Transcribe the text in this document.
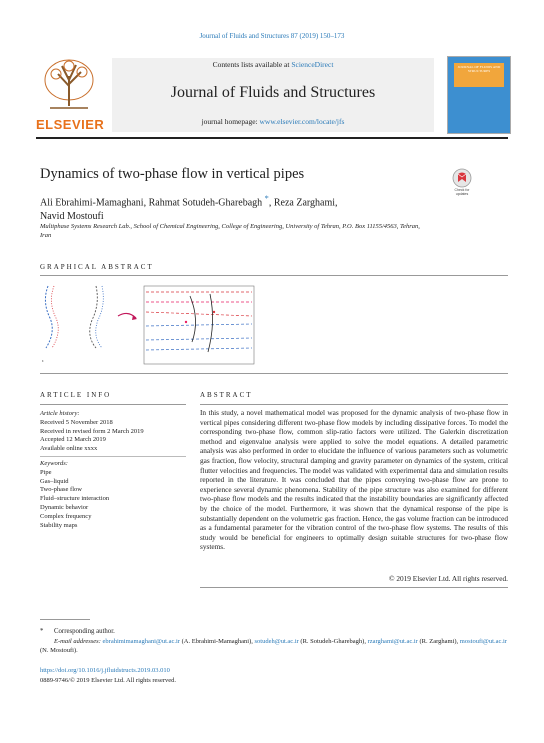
Journal of Fluids and Structures 87 (2019) 150–173
ELSEVIER
Contents lists available at ScienceDirect
Journal of Fluids and Structures
journal homepage: www.elsevier.com/locate/jfs
JOURNAL OF FLUIDS AND STRUCTURES
Dynamics of two-phase flow in vertical pipes
Check for updates
Ali Ebrahimi-Mamaghani, Rahmat Sotudeh-Gharebagh *, Reza Zarghami,
Navid Mostoufi
Multiphase Systems Research Lab., School of Chemical Engineering, College of Engineering, University of Tehran, P.O. Box 11155/4563, Tehran, Iran
GRAPHICAL ABSTRACT
ε
ARTICLE INFO	ABSTRACT
Article history:
Received 5 November 2018
Received in revised form 2 March 2019
Accepted 12 March 2019
Available online xxxx
Keywords:
Pipe
Gas–liquid
Two-phase flow
Fluid–structure interaction
Dynamic behavior
Complex frequency
Stability maps
In this study, a novel mathematical model was proposed for the dynamic analysis of two-phase flow in vertical pipes considering different two-phase flow models by including dissipative forces. To model the corresponding two-phase flow, common slip-ratio factors were utilized. The Galerkin discretization method and eigenvalue analysis were applied to solve the model equations. A detailed parametric analysis was also performed in order to elucidate the influence of various parameters such as volumetric gas fraction, flow velocity, structural damping and gravity parameter on dynamics of the system, critical flutter velocities and frequencies. The model was validated with experimental data and simulation results reported in the literature. It was concluded that the pipes conveying two-phase flow are prone to experience several dynamic phenomena. Stability of the pipe structure was also examined for different two-phase flow models and the results indicated that the instability boundaries are significantly affected by the choice of the model. Furthermore, it was shown that the dynamical response of the pipe is substantially dependent on the volumetric gas fraction. Hence, the gas volume fraction can be introduced as a fundamental parameter for the vibration control of the two-phase flow systems. The results of this study would be beneficial for engineers to optimally design suitable structures for two-phase flow systems.
© 2019 Elsevier Ltd. All rights reserved.
* Corresponding author.
E-mail addresses: ebrahimimamaghani@ut.ac.ir (A. Ebrahimi-Mamaghani), sotudeh@ut.ac.ir (R. Sotudeh-Gharebagh), rzarghami@ut.ac.ir (R. Zarghami), mostoufi@ut.ac.ir (N. Mostoufi).
https://doi.org/10.1016/j.jfluidstructs.2019.03.010
0889-9746/© 2019 Elsevier Ltd. All rights reserved.
